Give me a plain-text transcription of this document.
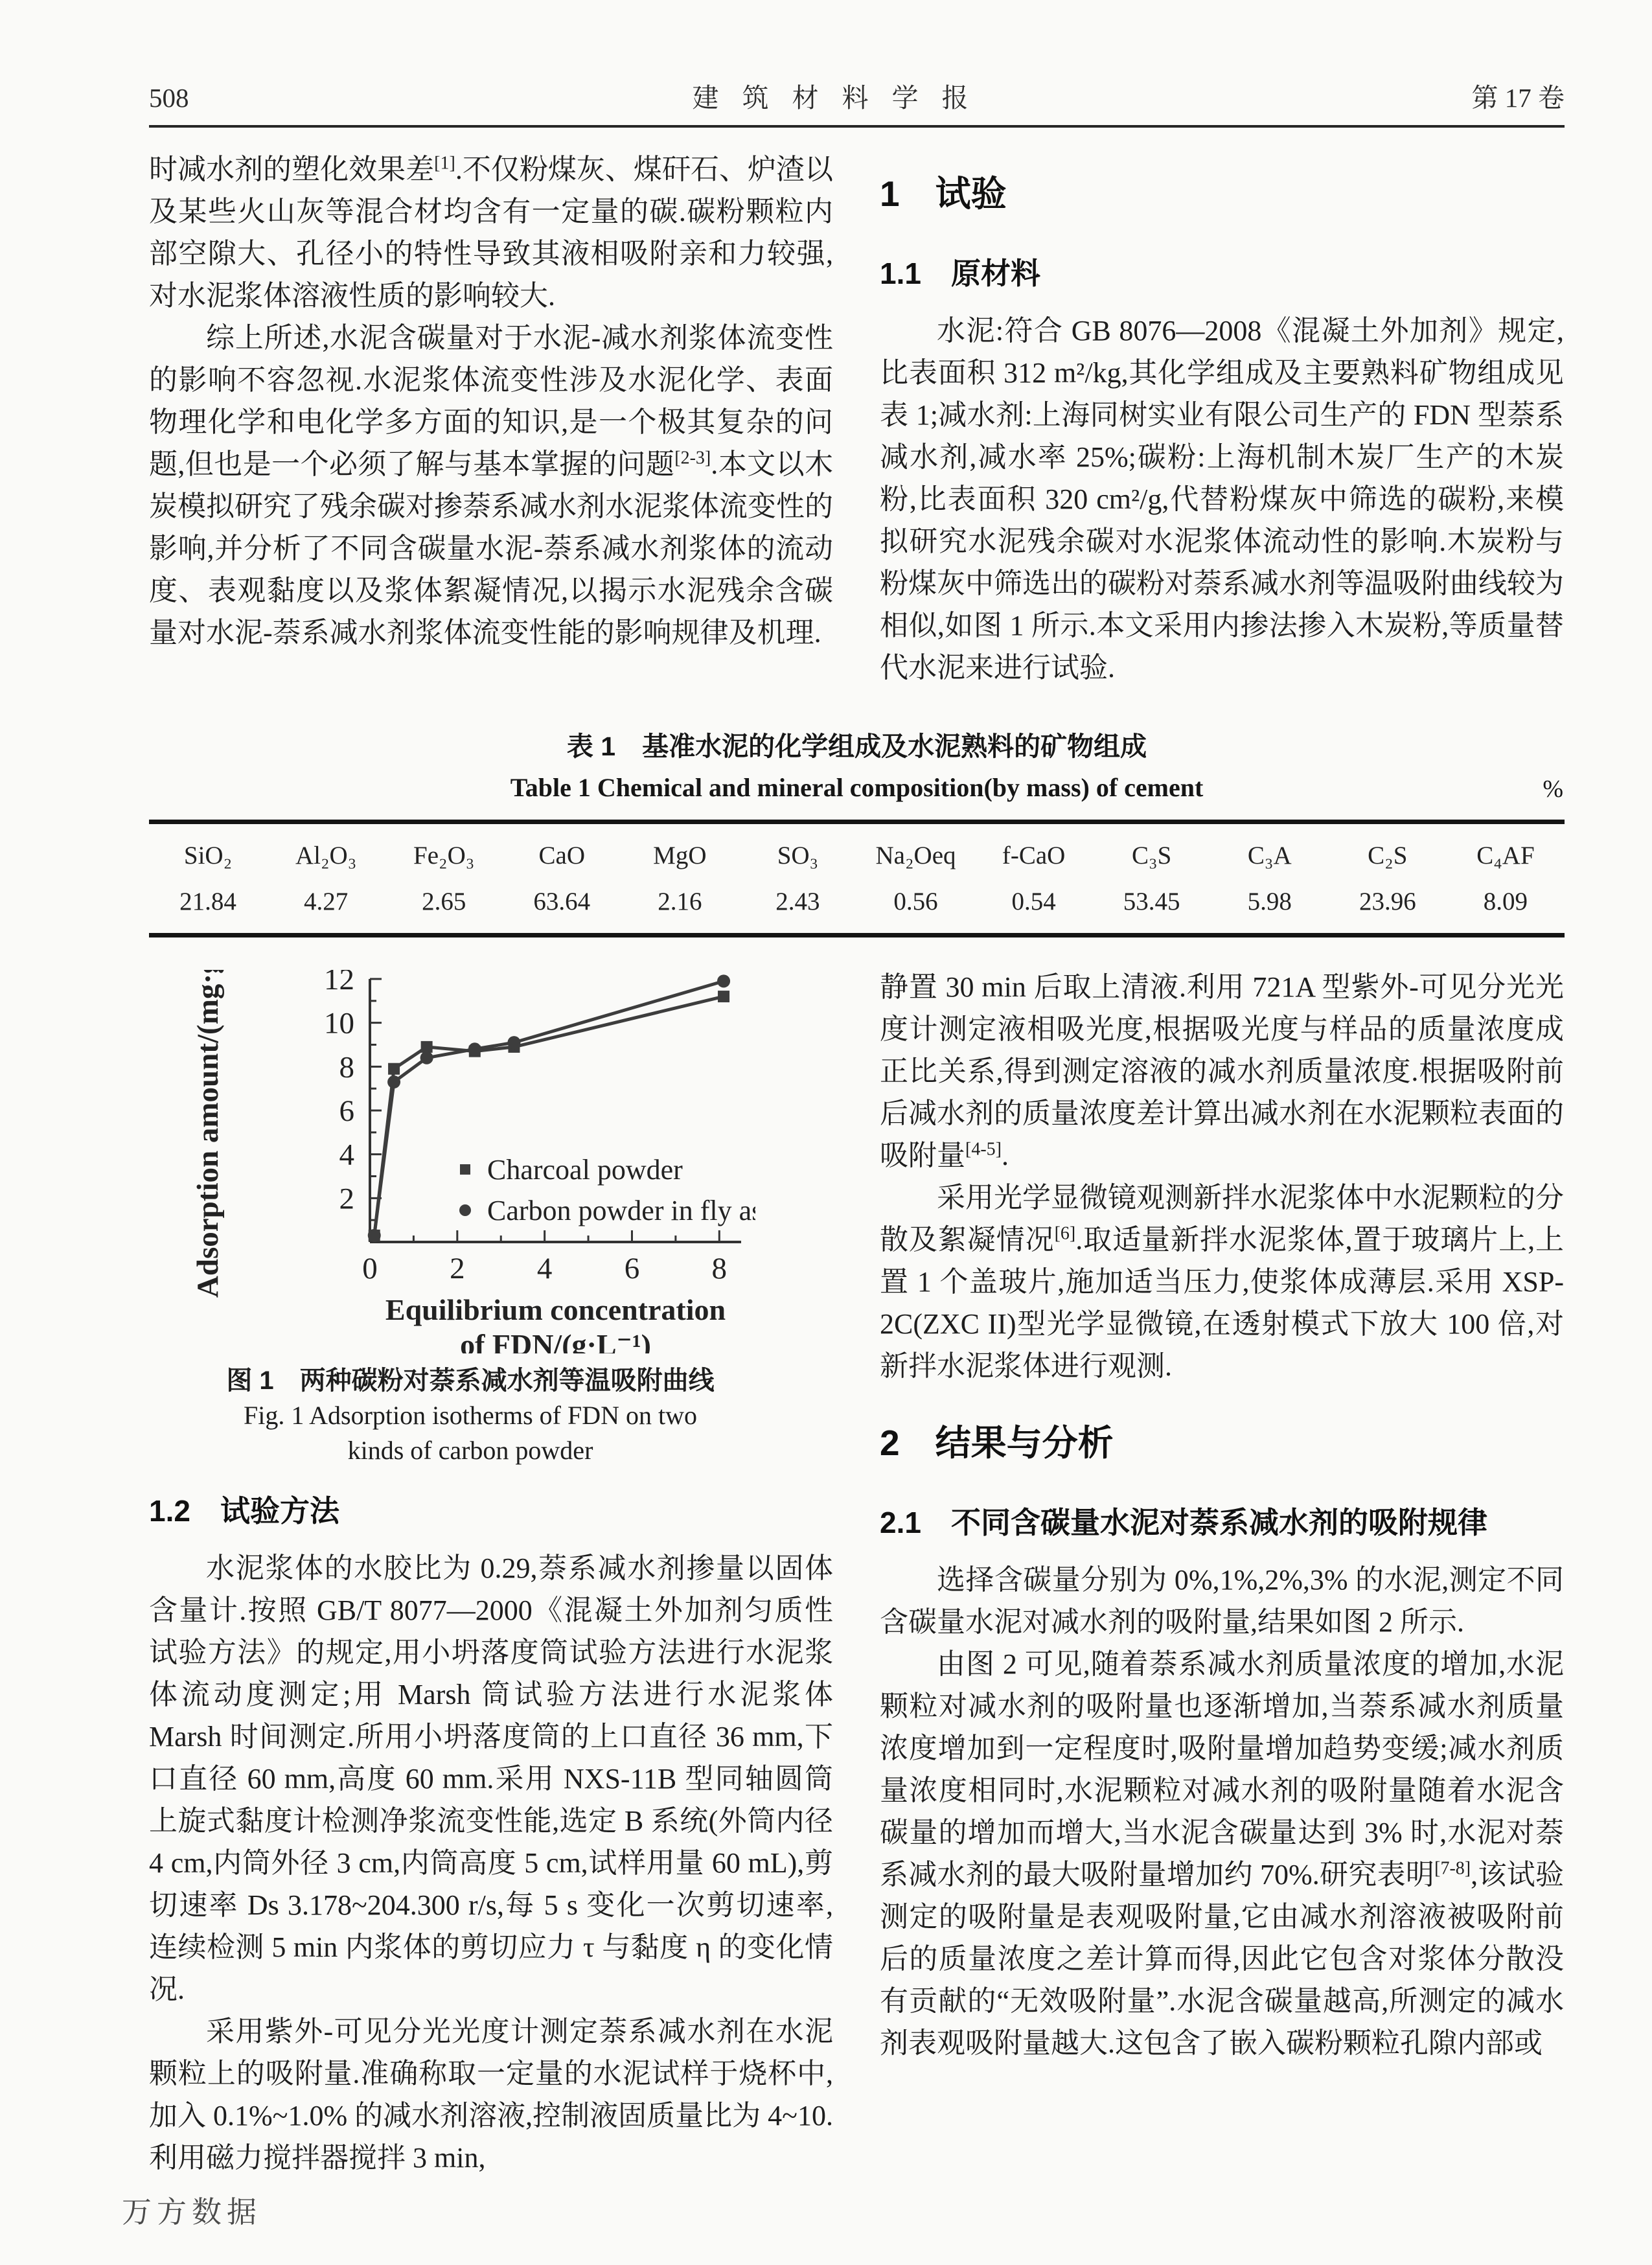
508	建筑材料学报	第 17 卷

时减水剂的塑化效果差[1].不仅粉煤灰、煤矸石、炉渣以及某些火山灰等混合材均含有一定量的碳.碳粉颗粒内部空隙大、孔径小的特性导致其液相吸附亲和力较强,对水泥浆体溶液性质的影响较大.

综上所述,水泥含碳量对于水泥-减水剂浆体流变性的影响不容忽视.水泥浆体流变性涉及水泥化学、表面物理化学和电化学多方面的知识,是一个极其复杂的问题,但也是一个必须了解与基本掌握的问题[2-3].本文以木炭模拟研究了残余碳对掺萘系减水剂水泥浆体流变性的影响,并分析了不同含碳量水泥-萘系减水剂浆体的流动度、表观黏度以及浆体絮凝情况,以揭示水泥残余含碳量对水泥-萘系减水剂浆体流变性能的影响规律及机理.

1　试验
1.1　原材料

水泥:符合 GB 8076—2008《混凝土外加剂》规定,比表面积 312 m²/kg,其化学组成及主要熟料矿物组成见表 1;减水剂:上海同树实业有限公司生产的 FDN 型萘系减水剂,减水率 25%;碳粉:上海机制木炭厂生产的木炭粉,比表面积 320 cm²/g,代替粉煤灰中筛选的碳粉,来模拟研究水泥残余碳对水泥浆体流动性的影响.木炭粉与粉煤灰中筛选出的碳粉对萘系减水剂等温吸附曲线较为相似,如图 1 所示.本文采用内掺法掺入木炭粉,等质量替代水泥来进行试验.

表 1　基准水泥的化学组成及水泥熟料的矿物组成
Table 1 Chemical and mineral composition(by mass) of cement	%
SiO₂	Al₂O₃	Fe₂O₃	CaO	MgO	SO₃	Na₂Oeq	f-CaO	C₃S	C₃A	C₂S	C₄AF
21.84	4.27	2.65	63.64	2.16	2.43	0.56	0.54	53.45	5.98	23.96	8.09
2
4
6
8
10
12
0 2 4 6 8
Adsorption amount/(mg·g⁻¹)
Equilibrium concentration
of FDN/(g·L⁻¹)
Charcoal powder
Carbon powder in fly ash
图 1　两种碳粉对萘系减水剂等温吸附曲线
Fig. 1 Adsorption isotherms of FDN on two
kinds of carbon powder
1.2　试验方法

水泥浆体的水胶比为 0.29,萘系减水剂掺量以固体含量计.按照 GB/T 8077—2000《混凝土外加剂匀质性试验方法》的规定,用小坍落度筒试验方法进行水泥浆体流动度测定;用 Marsh 筒试验方法进行水泥浆体 Marsh 时间测定.所用小坍落度筒的上口直径 36 mm,下口直径 60 mm,高度 60 mm.采用 NXS-11B 型同轴圆筒上旋式黏度计检测净浆流变性能,选定 B 系统(外筒内径 4 cm,内筒外径 3 cm,内筒高度 5 cm,试样用量 60 mL),剪切速率 Ds 3.178~204.300 r/s,每 5 s 变化一次剪切速率,连续检测 5 min 内浆体的剪切应力 τ 与黏度 η 的变化情况.

采用紫外-可见分光光度计测定萘系减水剂在水泥颗粒上的吸附量.准确称取一定量的水泥试样于烧杯中,加入 0.1%~1.0% 的减水剂溶液,控制液固质量比为 4~10.利用磁力搅拌器搅拌 3 min,

静置 30 min 后取上清液.利用 721A 型紫外-可见分光光度计测定液相吸光度,根据吸光度与样品的质量浓度成正比关系,得到测定溶液的减水剂质量浓度.根据吸附前后减水剂的质量浓度差计算出减水剂在水泥颗粒表面的吸附量[4-5].

采用光学显微镜观测新拌水泥浆体中水泥颗粒的分散及絮凝情况[6].取适量新拌水泥浆体,置于玻璃片上,上置 1 个盖玻片,施加适当压力,使浆体成薄层.采用 XSP-2C(ZXC II)型光学显微镜,在透射模式下放大 100 倍,对新拌水泥浆体进行观测.

2　结果与分析
2.1　不同含碳量水泥对萘系减水剂的吸附规律

选择含碳量分别为 0%,1%,2%,3% 的水泥,测定不同含碳量水泥对减水剂的吸附量,结果如图 2 所示.

由图 2 可见,随着萘系减水剂质量浓度的增加,水泥颗粒对减水剂的吸附量也逐渐增加,当萘系减水剂质量浓度增加到一定程度时,吸附量增加趋势变缓;减水剂质量浓度相同时,水泥颗粒对减水剂的吸附量随着水泥含碳量的增加而增大,当水泥含碳量达到 3% 时,水泥对萘系减水剂的最大吸附量增加约 70%.研究表明[7-8],该试验测定的吸附量是表观吸附量,它由减水剂溶液被吸附前后的质量浓度之差计算而得,因此它包含对浆体分散没有贡献的“无效吸附量”.水泥含碳量越高,所测定的减水剂表观吸附量越大.这包含了嵌入碳粉颗粒孔隙内部或

万方数据
